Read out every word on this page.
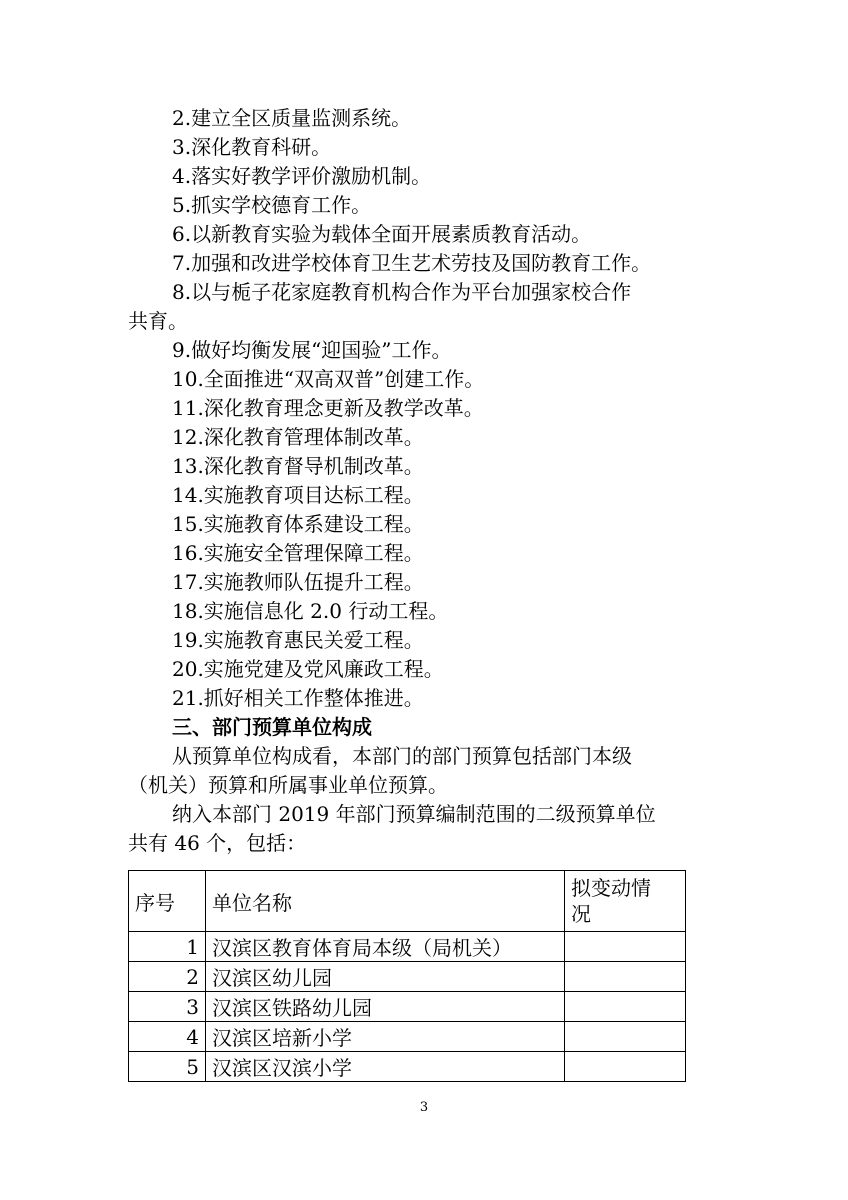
2.建立全区质量监测系统。
3.深化教育科研。
4.落实好教学评价激励机制。
5.抓实学校德育工作。
6.以新教育实验为载体全面开展素质教育活动。
7.加强和改进学校体育卫生艺术劳技及国防教育工作。
8.以与栀子花家庭教育机构合作为平台加强家校合作
共育。
9.做好均衡发展“迎国验”工作。
10.全面推进“双高双普”创建工作。
11.深化教育理念更新及教学改革。
12.深化教育管理体制改革。
13.深化教育督导机制改革。
14.实施教育项目达标工程。
15.实施教育体系建设工程。
16.实施安全管理保障工程。
17.实施教师队伍提升工程。
18.实施信息化 2.0 行动工程。
19.实施教育惠民关爱工程。
20.实施党建及党风廉政工程。
21.抓好相关工作整体推进。
三、部门预算单位构成
从预算单位构成看，本部门的部门预算包括部门本级
（机关）预算和所属事业单位预算。
纳入本部门 2019 年部门预算编制范围的二级预算单位
共有 46 个，包括：
序号	单位名称	拟变动情
况

1	汉滨区教育体育局本级（局机关）	
2	汉滨区幼儿园	
3	汉滨区铁路幼儿园	
4	汉滨区培新小学	
5	汉滨区汉滨小学	
3
